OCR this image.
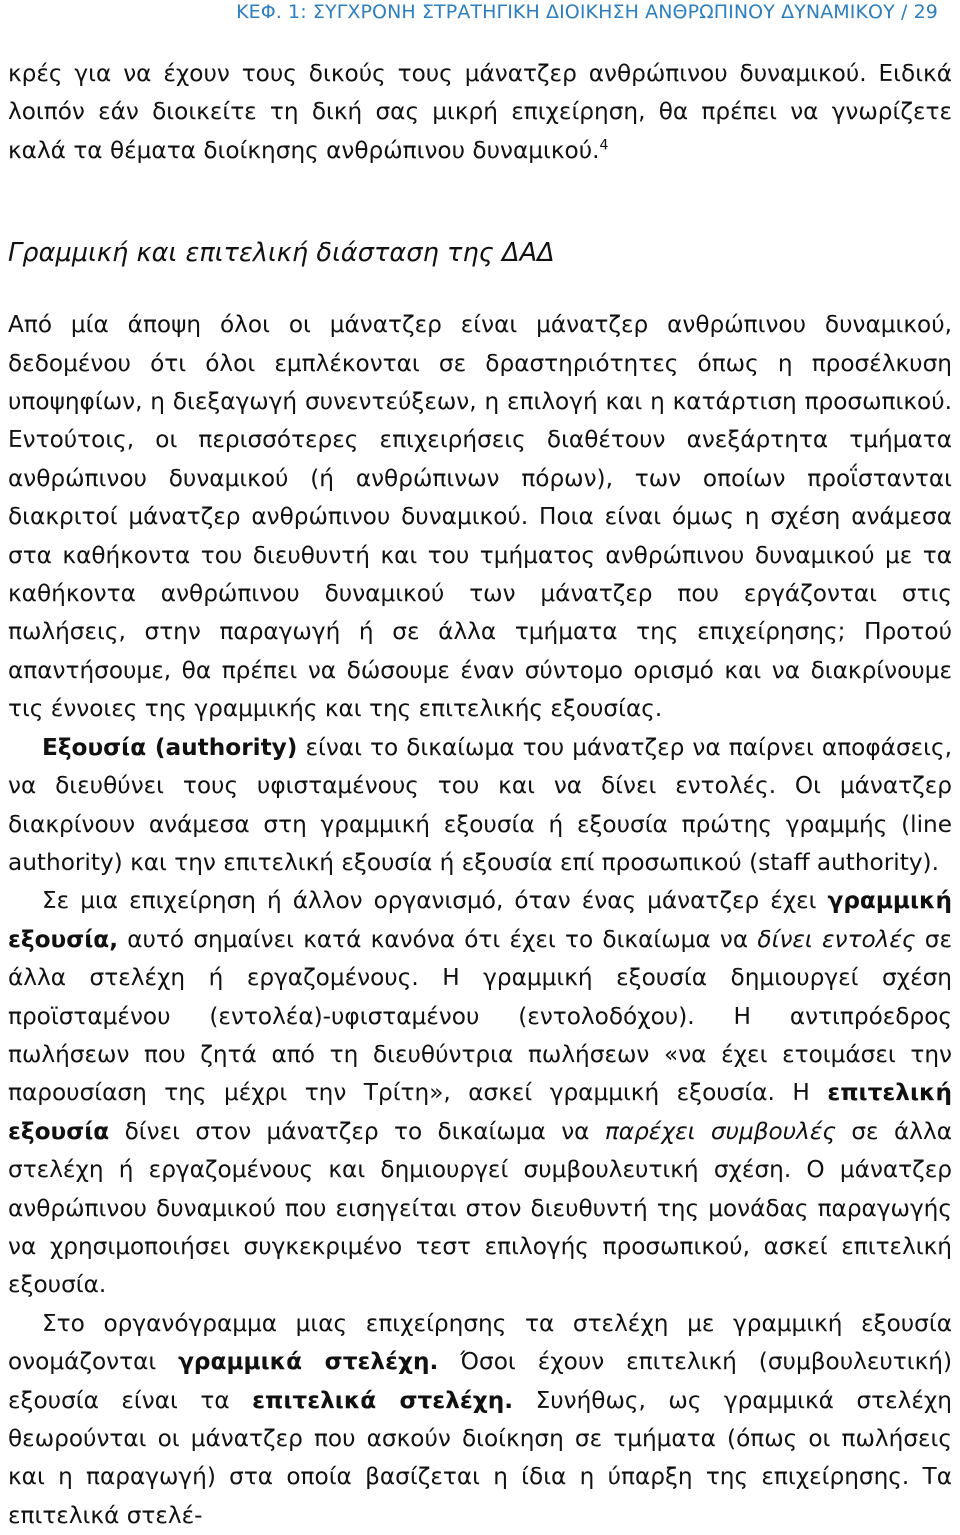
ΚΕΦ. 1: ΣΥΓΧΡΟΝΗ ΣΤΡΑΤΗΓΙΚΗ ΔΙΟΙΚΗΣΗ ΑΝΘΡΩΠΙΝΟΥ ΔΥΝΑΜΙΚΟΥ / 29

κρές για να έχουν τους δικούς τους μάνατζερ ανθρώπινου δυναμικού. Ειδικά λοιπόν εάν διοικείτε τη δική σας μικρή επιχείρηση, θα πρέπει να γνωρίζετε καλά τα θέματα διοίκησης ανθρώπινου δυναμικού.$^4$

Γραμμική και επιτελική διάσταση της ΔΑΔ

Από μία άποψη όλοι οι μάνατζερ είναι μάνατζερ ανθρώπινου δυναμικού, δεδομένου ότι όλοι εμπλέκονται σε δραστηριότητες όπως η προσέλκυση υποψηφίων, η διεξαγωγή συνεντεύξεων, η επιλογή και η κατάρτιση προσωπικού. Εντούτοις, οι περισσότερες επιχειρήσεις διαθέτουν ανεξάρτητα τμήματα ανθρώπινου δυναμικού (ή ανθρώπινων πόρων), των οποίων προΐστανται διακριτοί μάνατζερ ανθρώπινου δυναμικού. Ποια είναι όμως η σχέση ανάμεσα στα καθήκοντα του διευθυντή και του τμήματος ανθρώπινου δυναμικού με τα καθήκοντα ανθρώπινου δυναμικού των μάνατζερ που εργάζονται στις πωλήσεις, στην παραγωγή ή σε άλλα τμήματα της επιχείρησης; Προτού απαντήσουμε, θα πρέπει να δώσουμε έναν σύντομο ορισμό και να διακρίνουμε τις έννοιες της γραμμικής και της επιτελικής εξουσίας.

Εξουσία (authority) είναι το δικαίωμα του μάνατζερ να παίρνει αποφάσεις, να διευθύνει τους υφισταμένους του και να δίνει εντολές. Οι μάνατζερ διακρίνουν ανάμεσα στη γραμμική εξουσία ή εξουσία πρώτης γραμμής (line authority) και την επιτελική εξουσία ή εξουσία επί προσωπικού (staff authority).

Σε μια επιχείρηση ή άλλον οργανισμό, όταν ένας μάνατζερ έχει γραμμική εξουσία, αυτό σημαίνει κατά κανόνα ότι έχει το δικαίωμα να δίνει εντολές σε άλλα στελέχη ή εργαζομένους. Η γραμμική εξουσία δημιουργεί σχέση προϊσταμένου (εντολέα)-υφισταμένου (εντολοδόχου). Η αντιπρόεδρος πωλήσεων που ζητά από τη διευθύντρια πωλήσεων «να έχει ετοιμάσει την παρουσίαση της μέχρι την Τρίτη», ασκεί γραμμική εξουσία. Η επιτελική εξουσία δίνει στον μάνατζερ το δικαίωμα να παρέχει συμβουλές σε άλλα στελέχη ή εργαζομένους και δημιουργεί συμβουλευτική σχέση. Ο μάνατζερ ανθρώπινου δυναμικού που εισηγείται στον διευθυντή της μονάδας παραγωγής να χρησιμοποιήσει συγκεκριμένο τεστ επιλογής προσωπικού, ασκεί επιτελική εξουσία.

Στο οργανόγραμμα μιας επιχείρησης τα στελέχη με γραμμική εξουσία ονομάζονται γραμμικά στελέχη. Όσοι έχουν επιτελική (συμβουλευτική) εξουσία είναι τα επιτελικά στελέχη. Συνήθως, ως γραμμικά στελέχη θεωρούνται οι μάνατζερ που ασκούν διοίκηση σε τμήματα (όπως οι πωλήσεις και η παραγωγή) στα οποία βασίζεται η ίδια η ύπαρξη της επιχείρησης. Τα επιτελικά στελέ-
